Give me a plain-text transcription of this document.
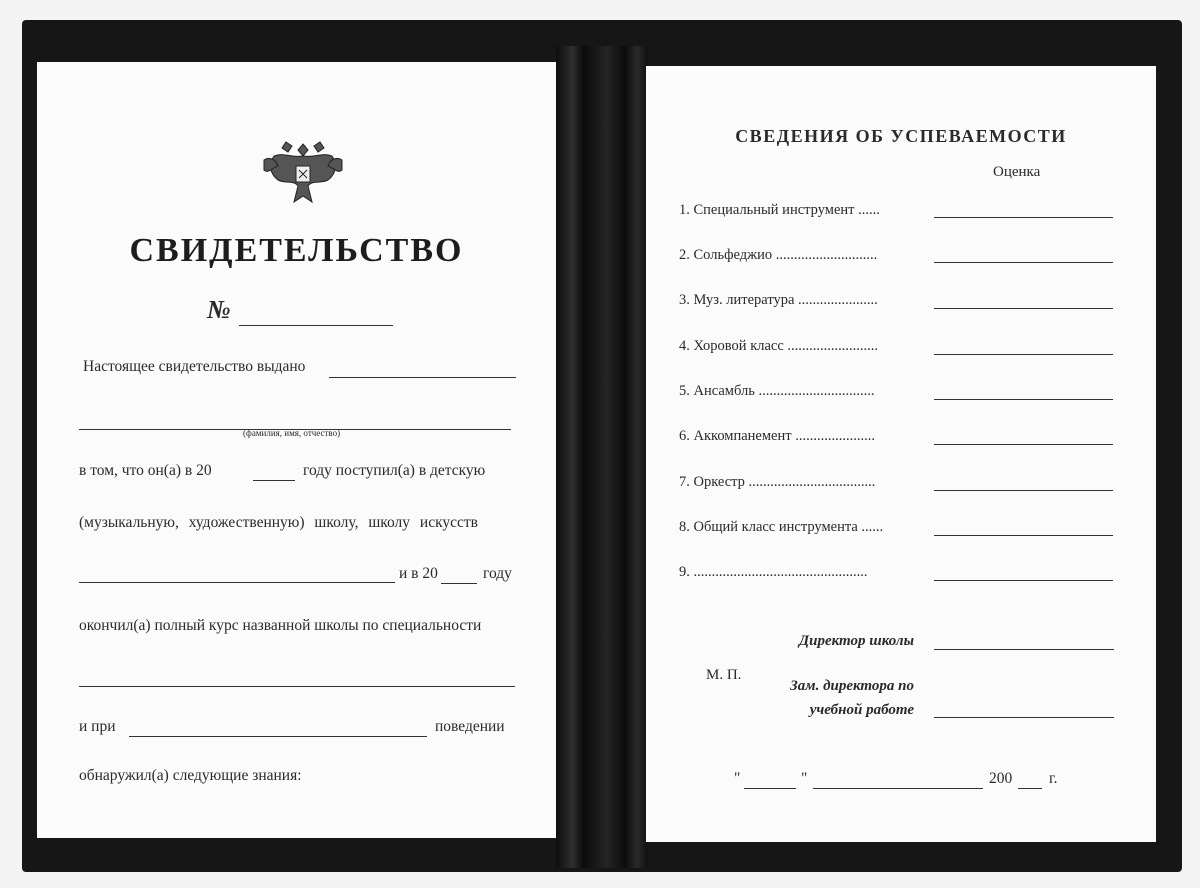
СВИДЕТЕЛЬСТВО
№
Настоящее свидетельство выдано
(фамилия, имя, отчество)
в том, что он(а) в 20	году поступил(а) в детскую
(музыкальную, художественную) школу, школу искусств
и в 20	году
окончил(а) полный курс названной школы по специальности
и при	поведении
обнаружил(а) следующие знания:
СВЕДЕНИЯ ОБ УСПЕВАЕМОСТИ
Оценка
1. Специальный инструмент ......
2. Сольфеджио ............................
3. Муз. литература ......................
4. Хоровой класс .........................
5. Ансамбль ................................
6. Аккомпанемент ......................
7. Оркестр ...................................
8. Общий класс инструмента ......
9. ................................................
Директор школы
М. П.
Зам. директора по
учебной работе
"	"	200 г.
